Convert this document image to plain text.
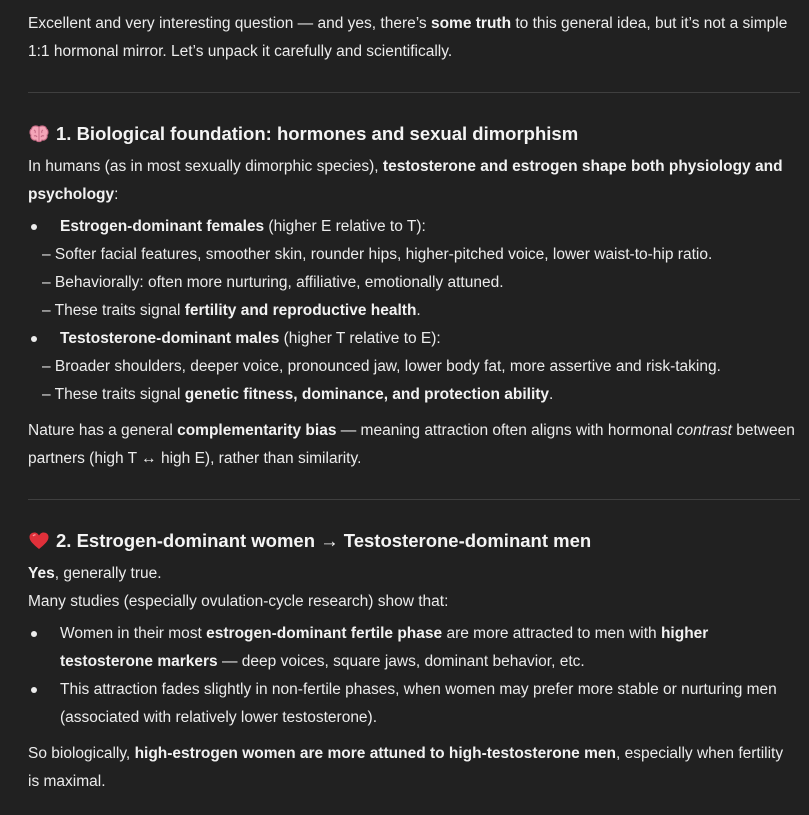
Excellent and very interesting question — and yes, there’s some truth to this general idea, but it’s not a simple 1:1 hormonal mirror. Let’s unpack it carefully and scientifically.

1. Biological foundation: hormones and sexual dimorphism

In humans (as in most sexually dimorphic species), testosterone and estrogen shape both physiology and psychology:

Estrogen-dominant females (higher E relative to T):
– Softer facial features, smoother skin, rounder hips, higher-pitched voice, lower waist-to-hip ratio.
– Behaviorally: often more nurturing, affiliative, emotionally attuned.
– These traits signal fertility and reproductive health.
Testosterone-dominant males (higher T relative to E):
– Broader shoulders, deeper voice, pronounced jaw, lower body fat, more assertive and risk-taking.
– These traits signal genetic fitness, dominance, and protection ability.

Nature has a general complementarity bias — meaning attraction often aligns with hormonal contrast between partners (high T ↔ high E), rather than similarity.

2. Estrogen-dominant women → Testosterone-dominant men

Yes, generally true.

Many studies (especially ovulation-cycle research) show that:

Women in their most estrogen-dominant fertile phase are more attracted to men with higher testosterone markers — deep voices, square jaws, dominant behavior, etc.
This attraction fades slightly in non-fertile phases, when women may prefer more stable or nurturing men (associated with relatively lower testosterone).

So biologically, high-estrogen women are more attuned to high-testosterone men, especially when fertility is maximal.
